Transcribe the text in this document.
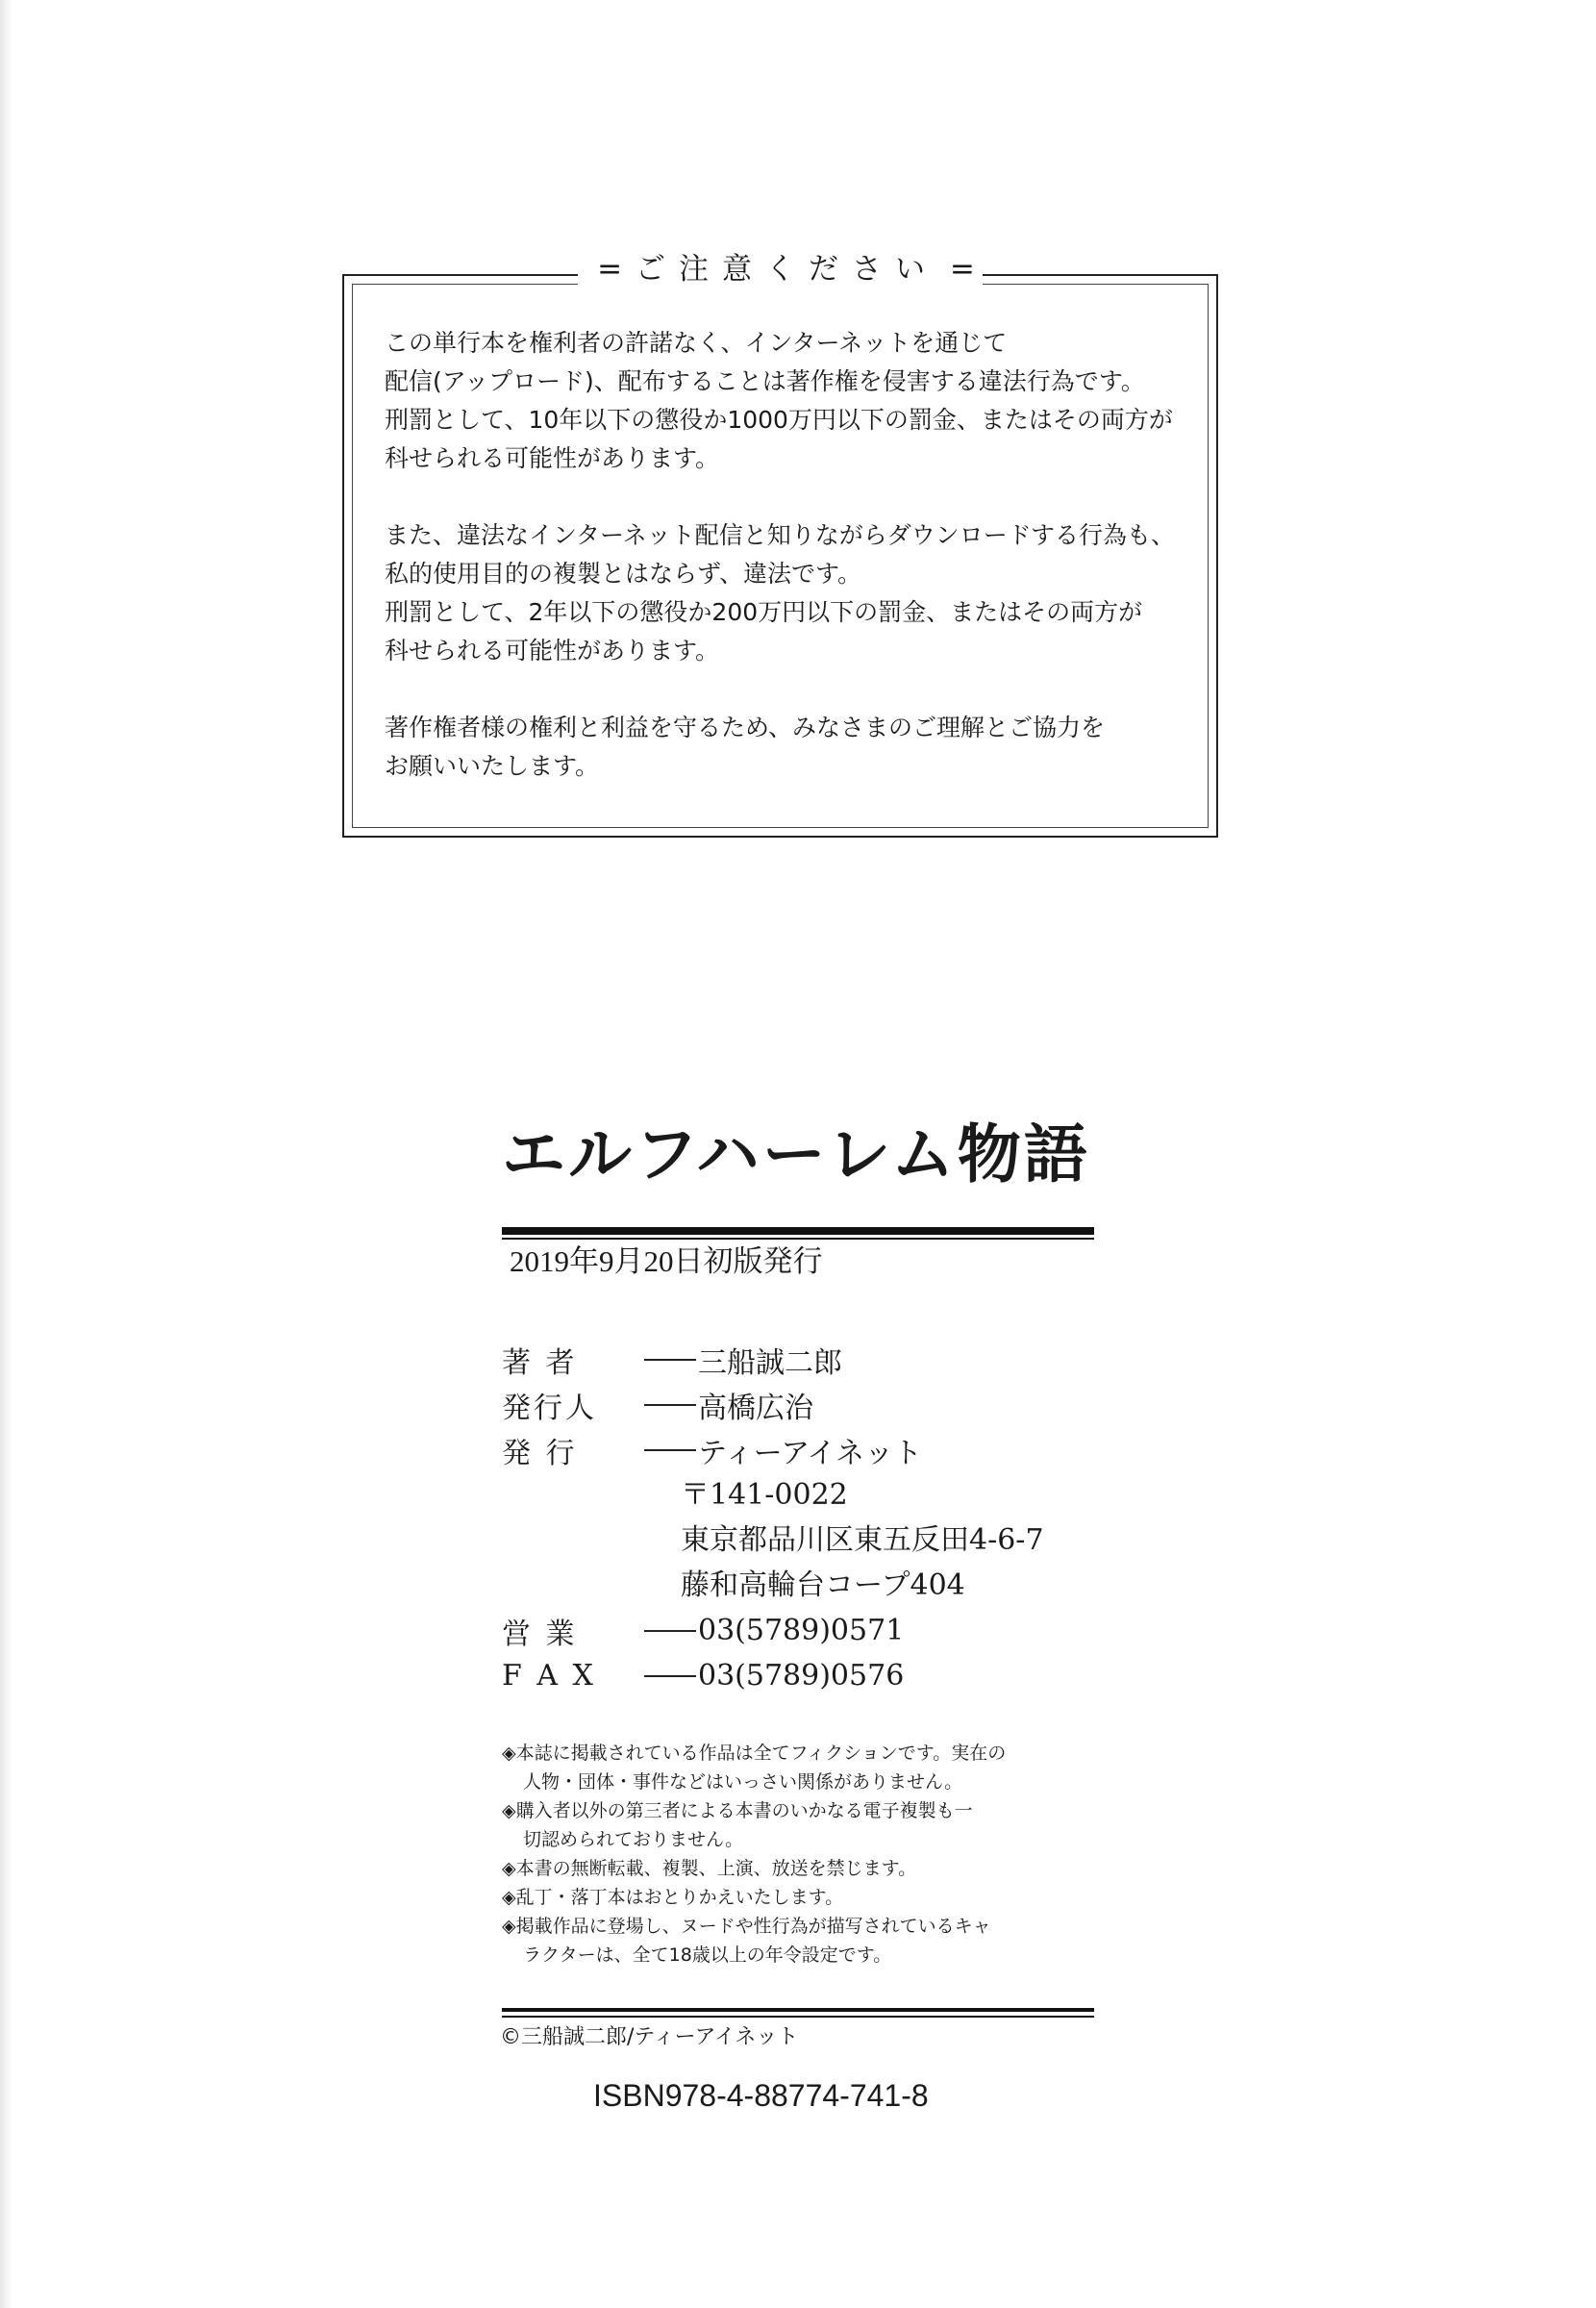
= ご注意ください =

この単行本を権利者の許諾なく、インターネットを通じて

配信(アップロード)、配布することは著作権を侵害する違法行為です。

刑罰として、10年以下の懲役か1000万円以下の罰金、またはその両方が

科せられる可能性があります。

また、違法なインターネット配信と知りながらダウンロードする行為も、

私的使用目的の複製とはならず、違法です。

刑罰として、2年以下の懲役か200万円以下の罰金、またはその両方が

科せられる可能性があります。

著作権者様の権利と利益を守るため、みなさまのご理解とご協力を

お願いいたします。

エルフハーレム物語
2019年9月20日初版発行
著 者	三船誠二郎
発行人	高橋広治
発 行	ティーアイネット
〒141-0022
東京都品川区東五反田4-6-7
藤和高輪台コープ404
営 業	03(5789)0571
F A X	03(5789)0576

◈本誌に掲載されている作品は全てフィクションです。実在の
人物・団体・事件などはいっさい関係がありません。

◈購入者以外の第三者による本書のいかなる電子複製も一
切認められておりません。

◈本書の無断転載、複製、上演、放送を禁じます。

◈乱丁・落丁本はおとりかえいたします。

◈掲載作品に登場し、ヌードや性行為が描写されているキャ
ラクターは、全て18歳以上の年令設定です。

©三船誠二郎/ティーアイネット
ISBN978-4-88774-741-8
